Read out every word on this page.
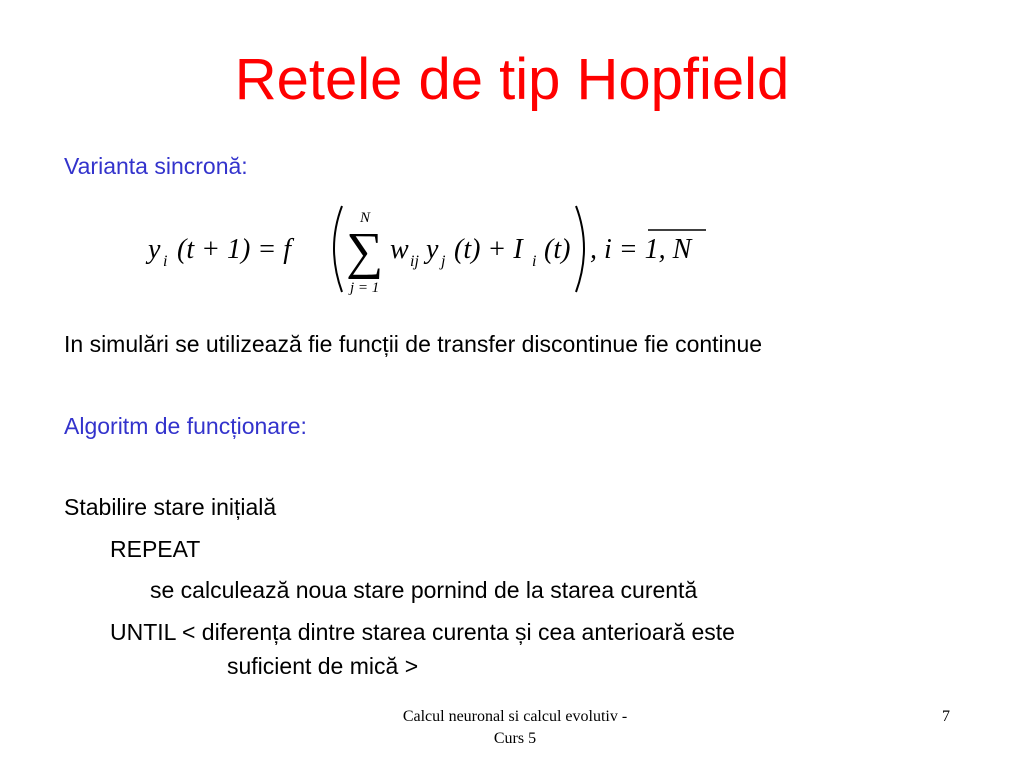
Retele de tip Hopfield
Varianta sincronă:
y i (t + 1) = f
N
∑
j = 1
w ij y j (t) + I i (t) , i = 1, N
In simulări se utilizează fie funcții de transfer discontinue fie continue
Algoritm de funcționare:
Stabilire stare inițială
REPEAT
se calculează noua stare pornind de la starea curentă
UNTIL < diferența dintre starea curenta și cea anterioară este
suficient de mică >
Calcul neuronal si calcul evolutiv -
Curs 5
7
